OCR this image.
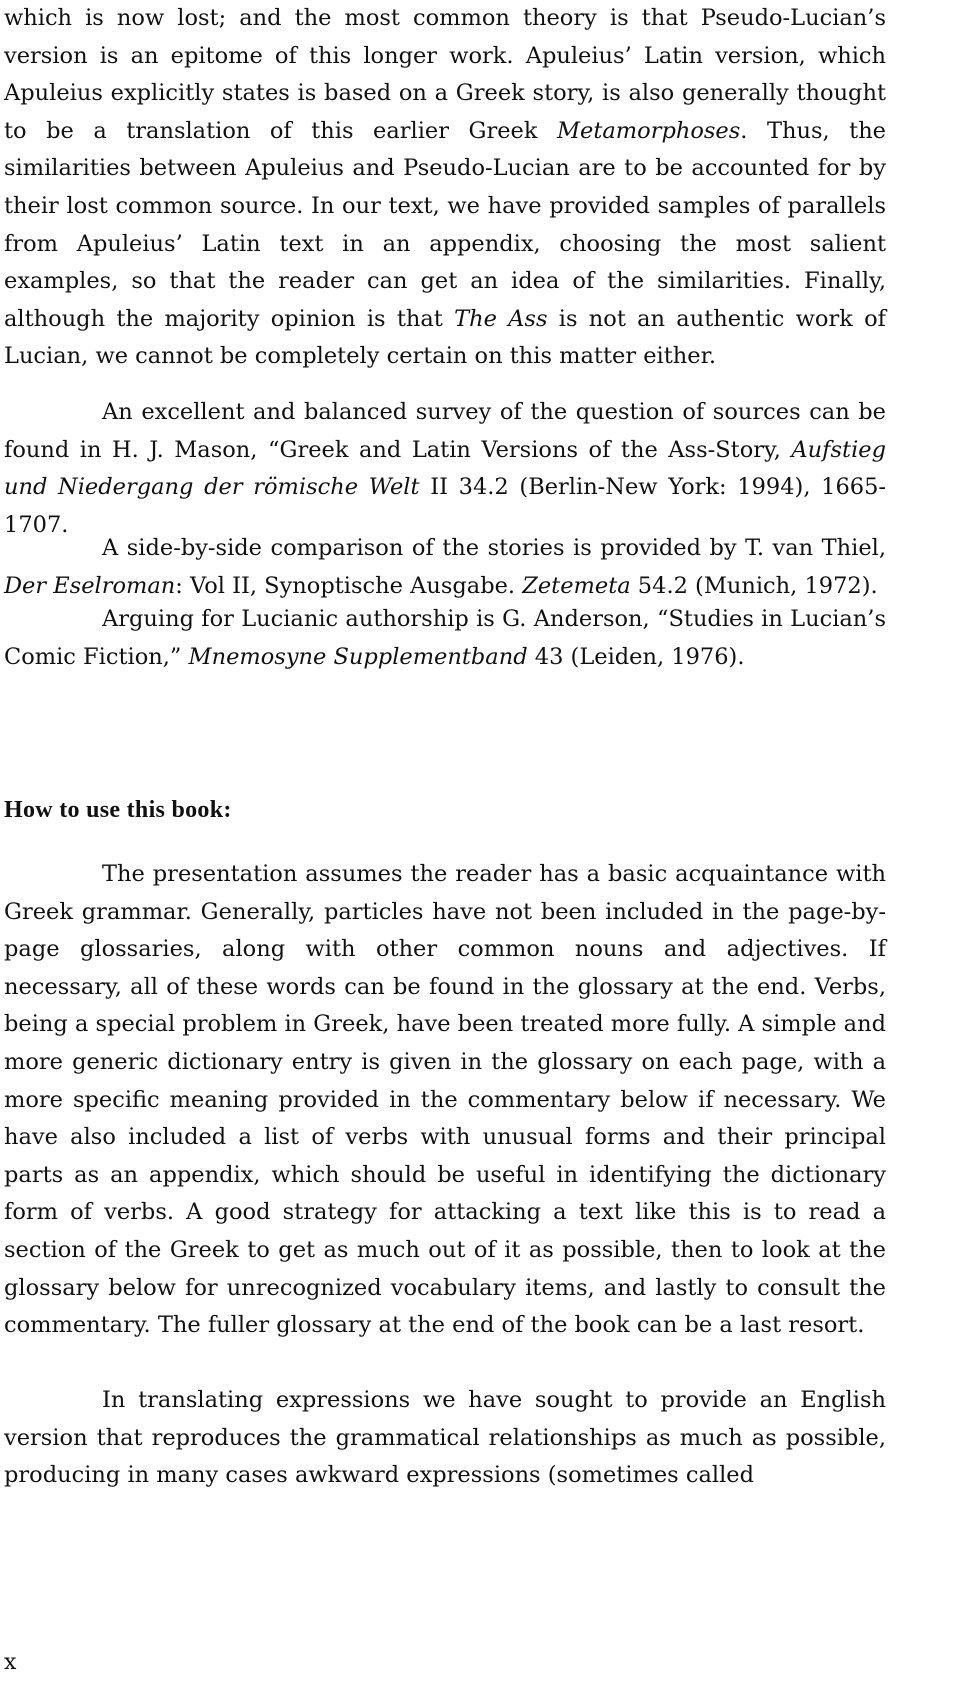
which is now lost; and the most common theory is that Pseudo-Lucian’s version is an epitome of this longer work. Apuleius’ Latin version, which Apuleius explicitly states is based on a Greek story, is also generally thought to be a translation of this earlier Greek Metamorphoses. Thus, the similarities between Apuleius and Pseudo-Lucian are to be accounted for by their lost common source. In our text, we have provided samples of parallels from Apuleius’ Latin text in an appendix, choosing the most salient examples, so that the reader can get an idea of the similarities. Finally, although the majority opinion is that The Ass is not an authentic work of Lucian, we cannot be completely certain on this matter either.

An excellent and balanced survey of the question of sources can be found in H. J. Mason, “Greek and Latin Versions of the Ass-Story, Aufstieg und Niedergang der römische Welt II 34.2 (Berlin-New York: 1994), 1665-1707.

A side-by-side comparison of the stories is provided by T. van Thiel, Der Eselroman: Vol II, Synoptische Ausgabe. Zetemeta 54.2 (Munich, 1972).

Arguing for Lucianic authorship is G. Anderson, “Studies in Lucian’s Comic Fiction,” Mnemosyne Supplementband 43 (Leiden, 1976).

The presentation assumes the reader has a basic acquaintance with Greek grammar. Generally, particles have not been included in the page-by-page glossaries, along with other common nouns and adjectives. If necessary, all of these words can be found in the glossary at the end. Verbs, being a special problem in Greek, have been treated more fully. A simple and more generic dictionary entry is given in the glossary on each page, with a more specific meaning provided in the commentary below if necessary. We have also included a list of verbs with unusual forms and their principal parts as an appendix, which should be useful in identifying the dictionary form of verbs. A good strategy for attacking a text like this is to read a section of the Greek to get as much out of it as possible, then to look at the glossary below for unrecognized vocabulary items, and lastly to consult the commentary. The fuller glossary at the end of the book can be a last resort.

In translating expressions we have sought to provide an English version that reproduces the grammatical relationships as much as possible, producing in many cases awkward expressions (sometimes called

How to use this book:

x
